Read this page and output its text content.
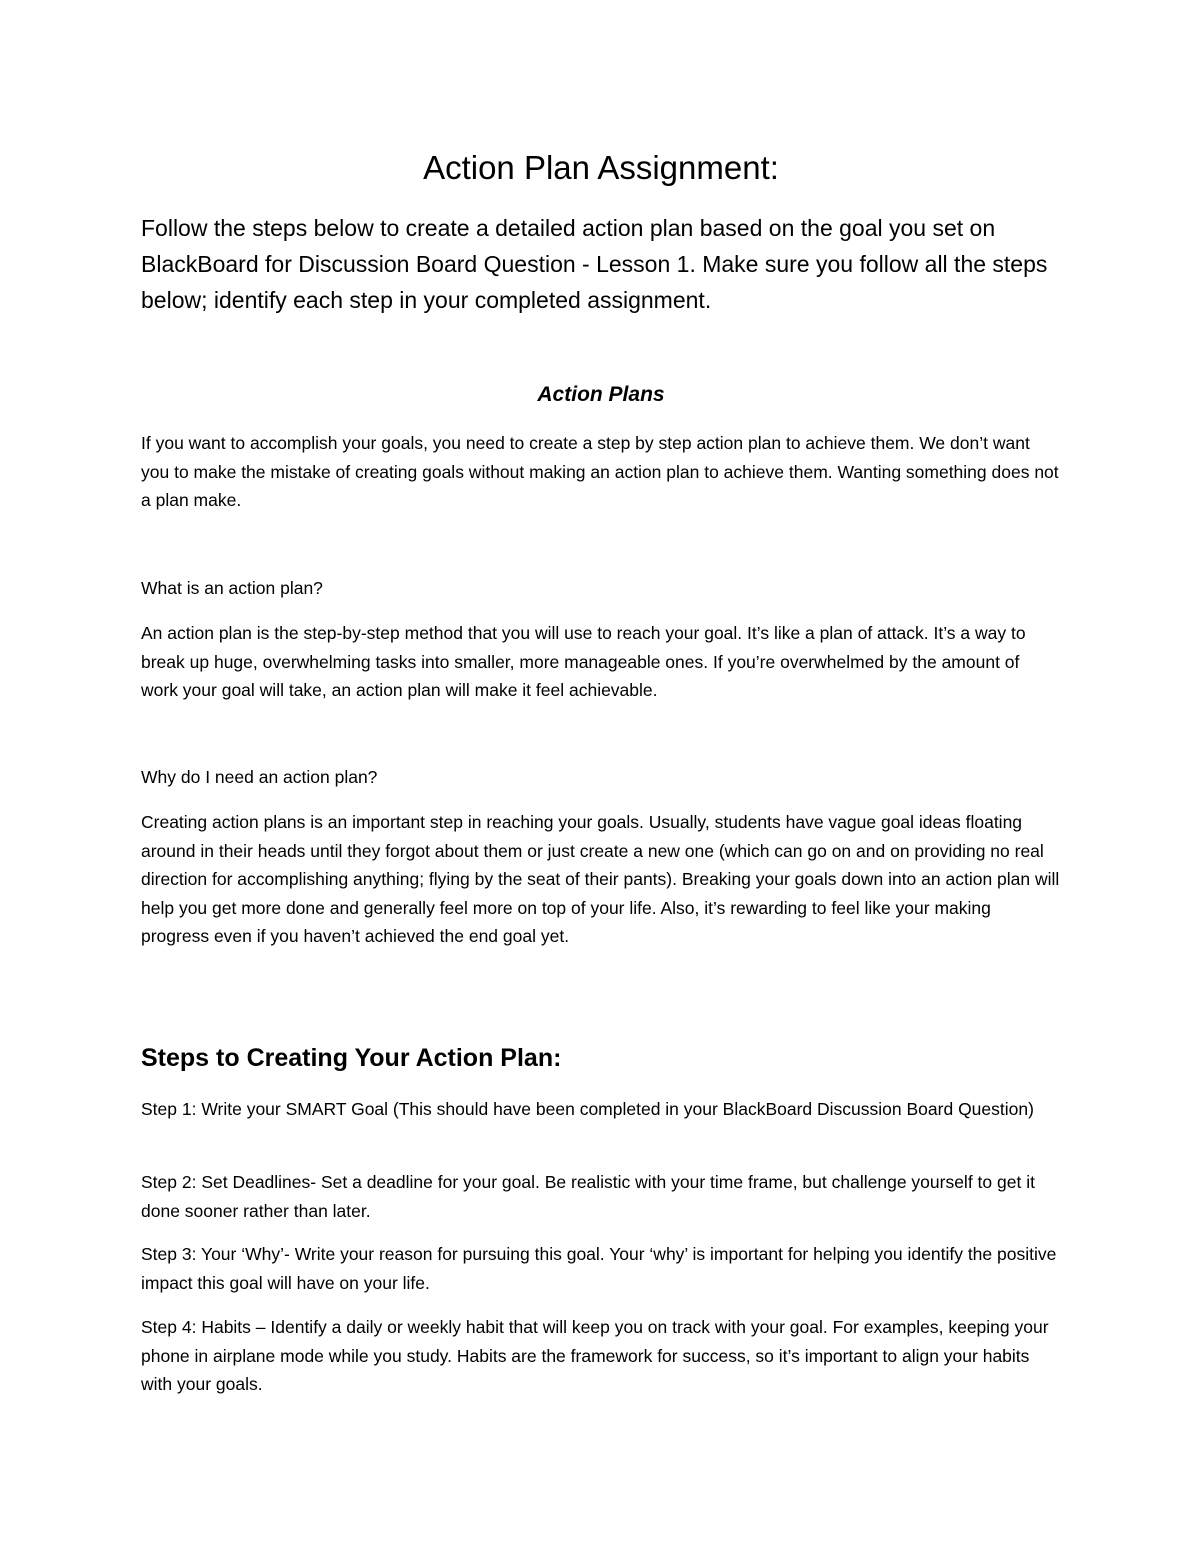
Action Plan Assignment:

Follow the steps below to create a detailed action plan based on the goal you set on BlackBoard for Discussion Board Question - Lesson 1. Make sure you follow all the steps below; identify each step in your completed assignment.

Action Plans

If you want to accomplish your goals, you need to create a step by step action plan to achieve them. We don’t want you to make the mistake of creating goals without making an action plan to achieve them. Wanting something does not a plan make.

What is an action plan?

An action plan is the step-by-step method that you will use to reach your goal. It’s like a plan of attack. It’s a way to break up huge, overwhelming tasks into smaller, more manageable ones. If you’re overwhelmed by the amount of work your goal will take, an action plan will make it feel achievable.

Why do I need an action plan?

Creating action plans is an important step in reaching your goals. Usually, students have vague goal ideas floating around in their heads until they forgot about them or just create a new one (which can go on and on providing no real direction for accomplishing anything; flying by the seat of their pants). Breaking your goals down into an action plan will help you get more done and generally feel more on top of your life. Also, it’s rewarding to feel like your making progress even if you haven’t achieved the end goal yet.

Steps to Creating Your Action Plan:

Step 1: Write your SMART Goal (This should have been completed in your BlackBoard Discussion Board Question)

Step 2: Set Deadlines- Set a deadline for your goal. Be realistic with your time frame, but challenge yourself to get it done sooner rather than later.

Step 3: Your ‘Why’- Write your reason for pursuing this goal. Your ‘why’ is important for helping you identify the positive impact this goal will have on your life.

Step 4: Habits – Identify a daily or weekly habit that will keep you on track with your goal. For examples, keeping your phone in airplane mode while you study. Habits are the framework for success, so it’s important to align your habits with your goals.
